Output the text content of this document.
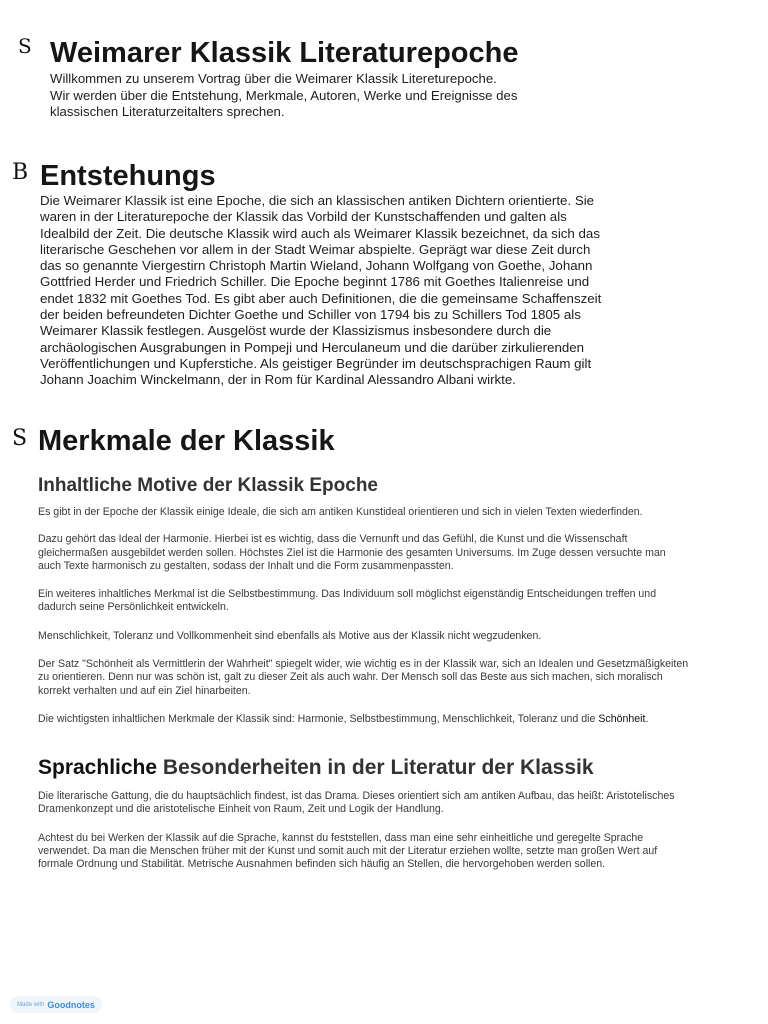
S
B
S
Weimarer Klassik Literaturepoche
Willkommen zu unserem Vortrag über die Weimarer Klassik Litereturepoche.
Wir werden über die Entstehung, Merkmale, Autoren, Werke und Ereignisse des
klassischen Literaturzeitalters sprechen.
Entstehungs
Die Weimarer Klassik ist eine Epoche, die sich an klassischen antiken Dichtern orientierte. Sie
waren in der Literaturepoche der Klassik das Vorbild der Kunstschaffenden und galten als
Idealbild der Zeit. Die deutsche Klassik wird auch als Weimarer Klassik bezeichnet, da sich das
literarische Geschehen vor allem in der Stadt Weimar abspielte. Geprägt war diese Zeit durch
das so genannte Viergestirn Christoph Martin Wieland, Johann Wolfgang von Goethe, Johann
Gottfried Herder und Friedrich Schiller. Die Epoche beginnt 1786 mit Goethes Italienreise und
endet 1832 mit Goethes Tod. Es gibt aber auch Definitionen, die die gemeinsame Schaffenszeit
der beiden befreundeten Dichter Goethe und Schiller von 1794 bis zu Schillers Tod 1805 als
Weimarer Klassik festlegen. Ausgelöst wurde der Klassizismus insbesondere durch die
archäologischen Ausgrabungen in Pompeji und Herculaneum und die darüber zirkulierenden
Veröffentlichungen und Kupferstiche. Als geistiger Begründer im deutschsprachigen Raum gilt
Johann Joachim Winckelmann, der in Rom für Kardinal Alessandro Albani wirkte.
Merkmale der Klassik
Inhaltliche Motive der Klassik Epoche

Es gibt in der Epoche der Klassik einige Ideale, die sich am antiken Kunstideal orientieren und sich in vielen Texten wiederfinden.

Dazu gehört das Ideal der Harmonie. Hierbei ist es wichtig, dass die Vernunft und das Gefühl, die Kunst und die Wissenschaft
gleichermaßen ausgebildet werden sollen. Höchstes Ziel ist die Harmonie des gesamten Universums. Im Zuge dessen versuchte man
auch Texte harmonisch zu gestalten, sodass der Inhalt und die Form zusammenpassten.
Ein weiteres inhaltliches Merkmal ist die Selbstbestimmung. Das Individuum soll möglichst eigenständig Entscheidungen treffen und
dadurch seine Persönlichkeit entwickeln.

Menschlichkeit, Toleranz und Vollkommenheit sind ebenfalls als Motive aus der Klassik nicht wegzudenken.

Der Satz "Schönheit als Vermittlerin der Wahrheit" spiegelt wider, wie wichtig es in der Klassik war, sich an Idealen und Gesetzmäßigkeiten
zu orientieren. Denn nur was schön ist, galt zu dieser Zeit als auch wahr. Der Mensch soll das Beste aus sich machen, sich moralisch
korrekt verhalten und auf ein Ziel hinarbeiten.

Die wichtigsten inhaltlichen Merkmale der Klassik sind: Harmonie, Selbstbestimmung, Menschlichkeit, Toleranz und die Schönheit.

Sprachliche Besonderheiten in der Literatur der Klassik
Die literarische Gattung, die du hauptsächlich findest, ist das Drama. Dieses orientiert sich am antiken Aufbau, das heißt: Aristotelisches
Dramenkonzept und die aristotelische Einheit von Raum, Zeit und Logik der Handlung.
Achtest du bei Werken der Klassik auf die Sprache, kannst du feststellen, dass man eine sehr einheitliche und geregelte Sprache
verwendet. Da man die Menschen früher mit der Kunst und somit auch mit der Literatur erziehen wollte, setzte man großen Wert auf
formale Ordnung und Stabilität. Metrische Ausnahmen befinden sich häufig an Stellen, die hervorgehoben werden sollen.
Made with Goodnotes
